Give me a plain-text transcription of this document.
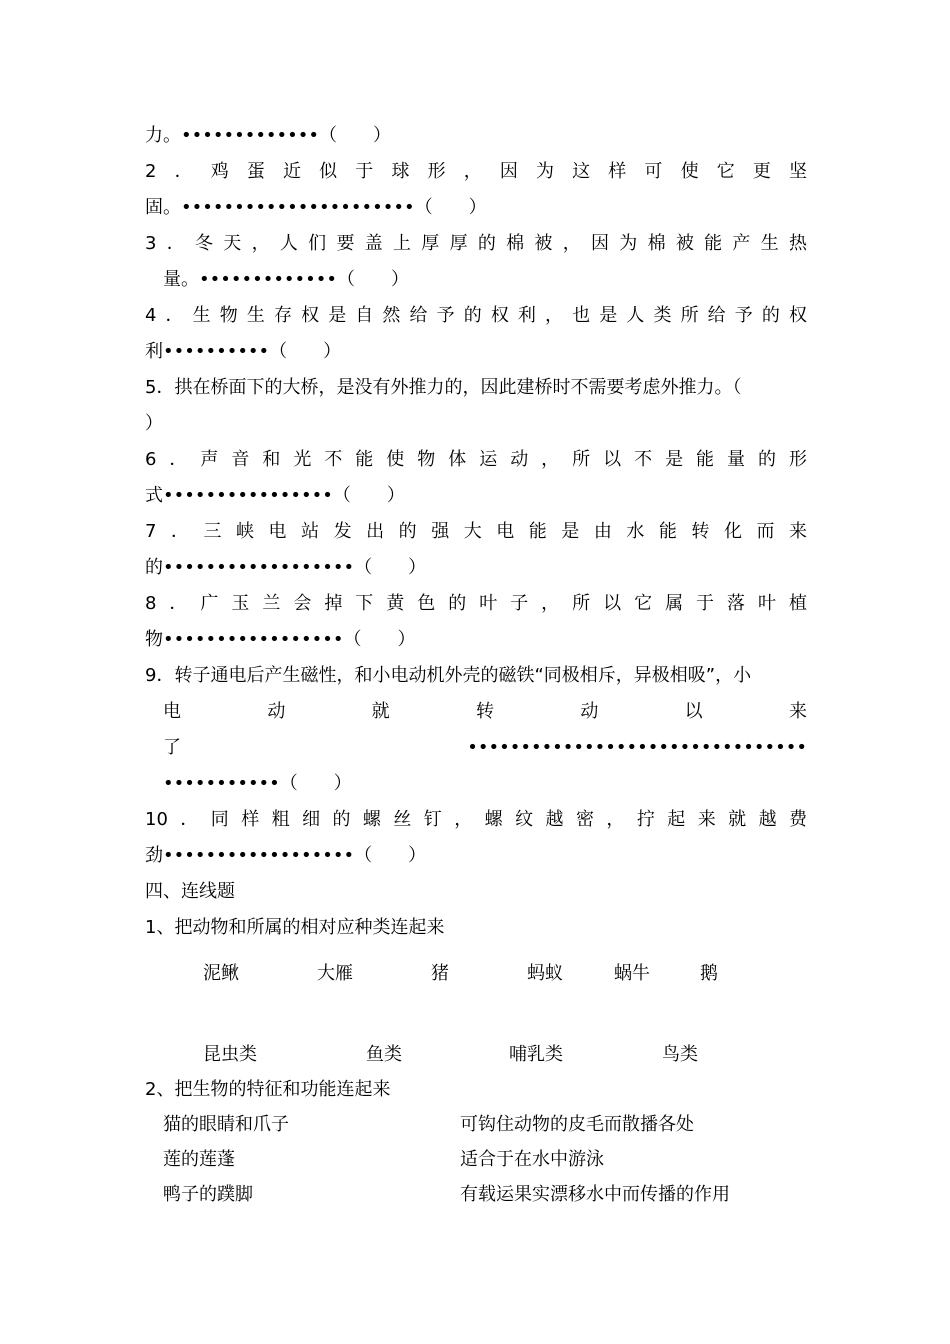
力。•••••••••••••（　　）
2．鸡蛋近似于球形，因为这样可使它更坚
固。••••••••••••••••••••••（　　）
3．冬天，人们要盖上厚厚的棉被，因为棉被能产生热
量。•••••••••••••（　　）
4．生物生存权是自然给予的权利，也是人类所给予的权
利••••••••••（　　）
5．拱在桥面下的大桥，是没有外推力的，因此建桥时不需要考虑外推力。（
）
6．声音和光不能使物体运动，所以不是能量的形
式••••••••••••••••（　　）
7．三峡电站发出的强大电能是由水能转化而来
的••••••••••••••••••（　　）
8．广玉兰会掉下黄色的叶子，所以它属于落叶植
物•••••••••••••••••（　　）
9．转子通电后产生磁性，和小电动机外壳的磁铁“同极相斥，异极相吸”，小
电　　　　动　　　　就　　　　转　　　　动　　　　以　　　　来
了••••••••••••••••••••••••••••••••
•••••••••••（　　）
10．同样粗细的螺丝钉，螺纹越密，拧起来就越费
劲••••••••••••••••••（　　）
四、连线题
1、把动物和所属的相对应种类连起来
泥鳅	大雁	猪	蚂蚁	蜗牛	鹅
昆虫类	鱼类	哺乳类	鸟类
2、把生物的特征和功能连起来
猫的眼睛和爪子	可钩住动物的皮毛而散播各处
莲的莲蓬	适合于在水中游泳
鸭子的蹼脚	有载运果实漂移水中而传播的作用
